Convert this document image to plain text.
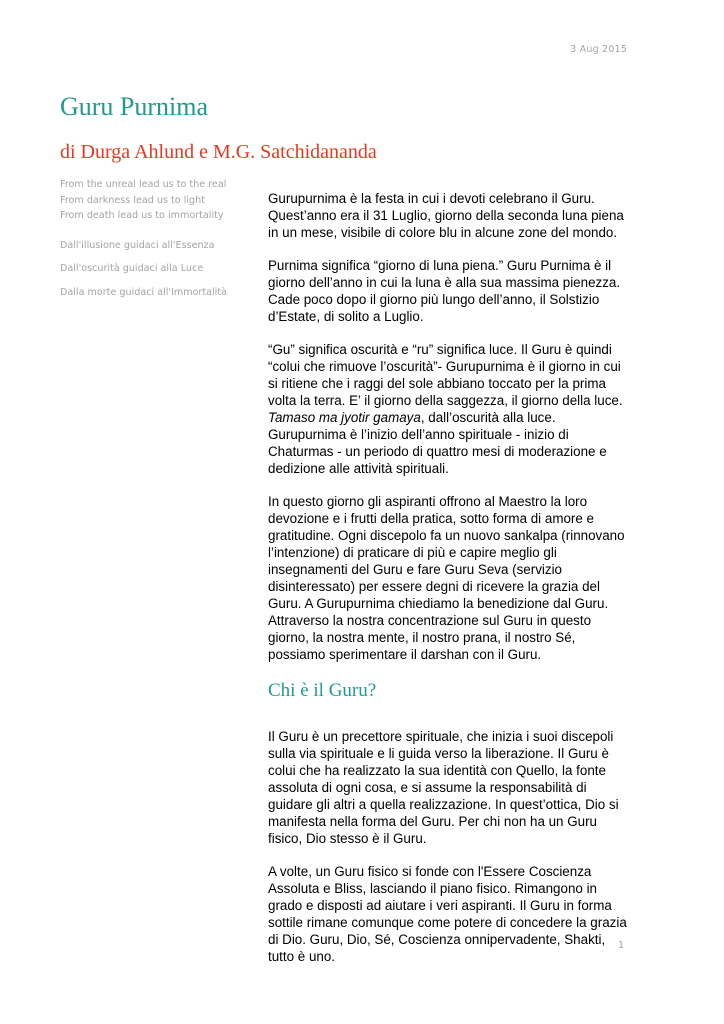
3 Aug 2015
Guru Purnima
di Durga Ahlund e M.G. Satchidananda
From the unreal lead us to the real
From darkness lead us to light
From death lead us to immortality
Dall'illusione guidaci all'Essenza
Dall'oscurità guidaci alla Luce
Dalla morte guidaci all'Immortalità

Gurupurnima è la festa in cui i devoti celebrano il Guru. Quest’anno era il 31 Luglio, giorno della seconda luna piena in un mese, visibile di colore blu in alcune zone del mondo.

Purnima significa “giorno di luna piena.” Guru Purnima è il giorno dell’anno in cui la luna è alla sua massima pienezza. Cade poco dopo il giorno più lungo dell’anno, il Solstizio d’Estate, di solito a Luglio.

“Gu” significa oscurità e “ru” significa luce. Il Guru è quindi “colui che rimuove l’oscurità”- Gurupurnima è il giorno in cui si ritiene che i raggi del sole abbiano toccato per la prima volta la terra. E’ il giorno della saggezza, il giorno della luce. Tamaso ma jyotir gamaya, dall’oscurità alla luce. Gurupurnima è l’inizio dell’anno spirituale - inizio di Chaturmas - un periodo di quattro mesi di moderazione e dedizione alle attività spirituali.

In questo giorno gli aspiranti offrono al Maestro la loro devozione e i frutti della pratica, sotto forma di amore e gratitudine. Ogni discepolo fa un nuovo sankalpa (rinnovano l’intenzione) di praticare di più e capire meglio gli insegnamenti del Guru e fare Guru Seva (servizio disinteressato) per essere degni di ricevere la grazia del Guru. A Gurupurnima chiediamo la benedizione dal Guru. Attraverso la nostra concentrazione sul Guru in questo giorno, la nostra mente, il nostro prana, il nostro Sé, possiamo sperimentare il darshan con il Guru.

Chi è il Guru?

Il Guru è un precettore spirituale, che inizia i suoi discepoli sulla via spirituale e li guida verso la liberazione. Il Guru è colui che ha realizzato la sua identità con Quello, la fonte assoluta di ogni cosa, e si assume la responsabilità di guidare gli altri a quella realizzazione. In quest’ottica, Dio si manifesta nella forma del Guru. Per chi non ha un Guru fisico, Dio stesso è il Guru.

A volte, un Guru fisico si fonde con l'Essere Coscienza Assoluta e Bliss, lasciando il piano fisico. Rimangono in grado e disposti ad aiutare i veri aspiranti. Il Guru in forma sottile rimane comunque come potere di concedere la grazia di Dio. Guru, Dio, Sé, Coscienza onnipervadente, Shakti, tutto è uno.

1
